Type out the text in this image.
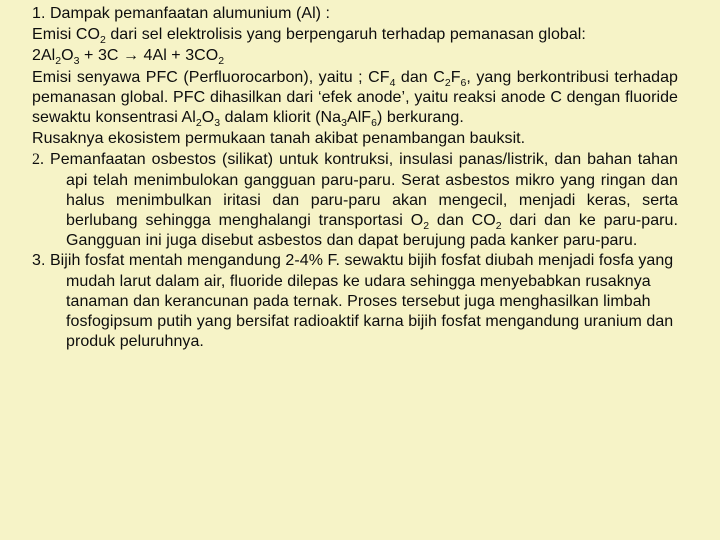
1. Dampak pemanfaatan alumunium (Al) :

Emisi $CO_2$ dari sel elektrolisis yang berpengaruh terhadap pemanasan global:

$2Al_2O_3 + 3C \to 4Al + 3CO_2$

Emisi senyawa PFC (Perfluorocarbon), yaitu ; $CF_4$ dan $C_2F_6$, yang berkontribusi terhadap pemanasan global. PFC dihasilkan dari ‘efek anode’, yaitu reaksi anode C dengan fluoride sewaktu konsentrasi $Al_2O_3$ dalam kliorit $(Na_3AlF_6)$ berkurang.

Rusaknya ekosistem permukaan tanah akibat penambangan bauksit.

2. Pemanfaatan osbestos (silikat) untuk kontruksi, insulasi panas/listrik, dan bahan tahan api telah menimbulokan gangguan paru-paru. Serat asbestos mikro yang ringan dan halus menimbulkan iritasi dan paru-paru akan mengecil, menjadi keras, serta berlubang sehingga menghalangi transportasi $O_2$ dan $CO_2$ dari dan ke paru-paru. Gangguan ini juga disebut asbestos dan dapat berujung pada kanker paru-paru.

3. Bijih fosfat mentah mengandung 2-4% F. sewaktu bijih fosfat diubah menjadi fosfa yang mudah larut dalam air, fluoride dilepas ke udara sehingga menyebabkan rusaknya tanaman dan kerancunan pada ternak. Proses tersebut juga menghasilkan limbah fosfogipsum putih yang bersifat radioaktif karna bijih fosfat mengandung uranium dan produk peluruhnya.
